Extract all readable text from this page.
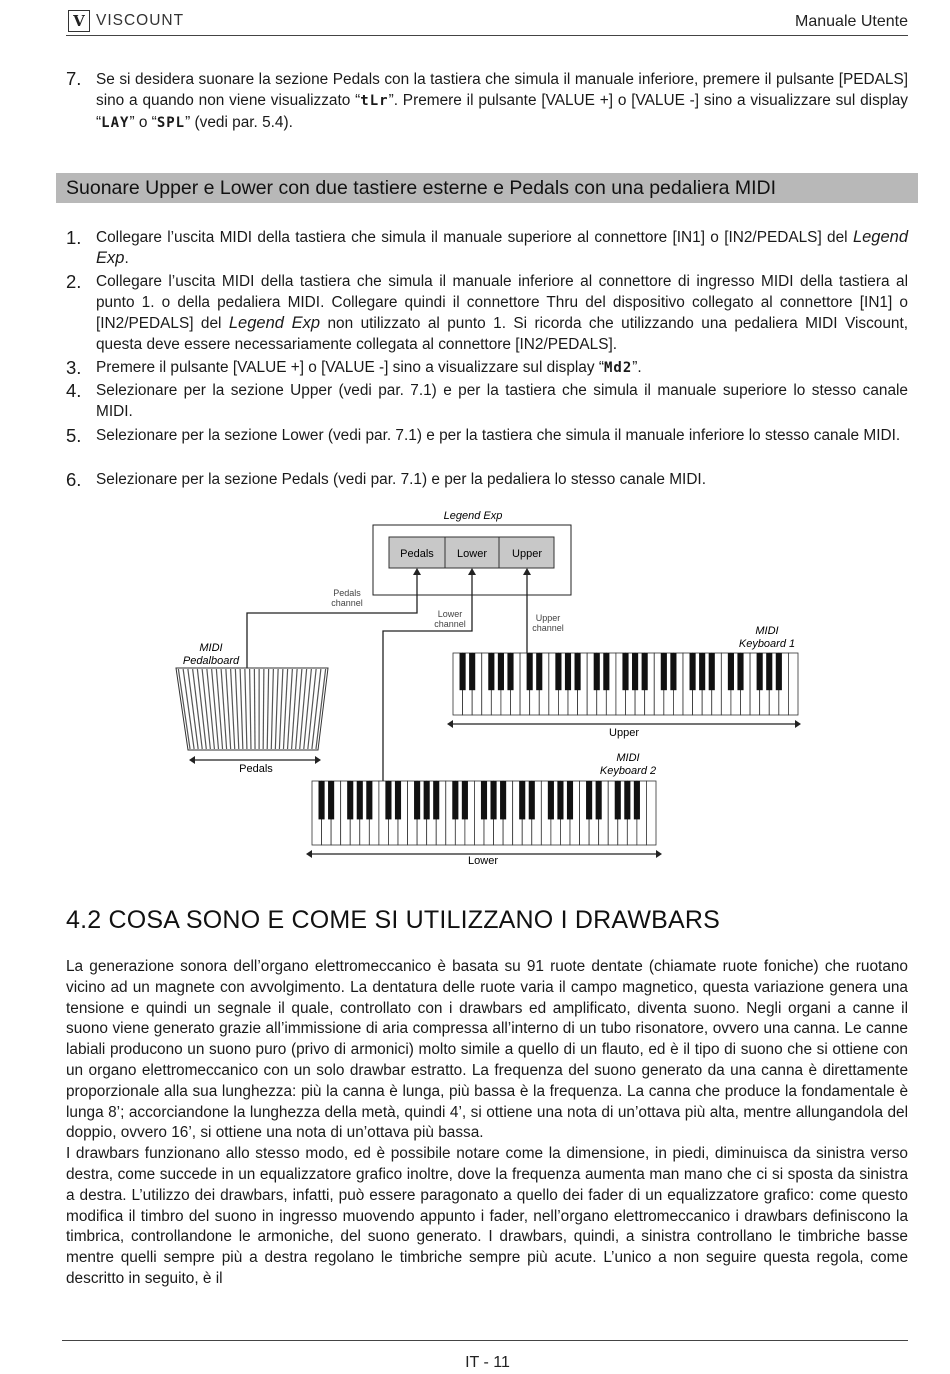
V VISCOUNT	Manuale Utente
7. Se si desidera suonare la sezione Pedals con la tastiera che simula il manuale inferiore, premere il pulsante [PEDALS] sino a quando non viene visualizzato “tLr”. Premere il pulsante [VALUE +] o [VALUE -] sino a visualizzare sul display “LAY” o “SPL” (vedi par. 5.4).
Suonare Upper e Lower con due tastiere esterne e Pedals con una pedaliera MIDI
1. Collegare l’uscita MIDI della tastiera che simula il manuale superiore al connettore [IN1] o [IN2/PEDALS] del Legend Exp.
2. Collegare l’uscita MIDI della tastiera che simula il manuale inferiore al connettore di ingresso MIDI della tastiera al punto 1. o della pedaliera MIDI. Collegare quindi il connettore Thru del dispositivo collegato al connettore [IN1] o [IN2/PEDALS] del Legend Exp non utilizzato al punto 1. Si ricorda che utilizzando una pedaliera MIDI Viscount, questa deve essere necessariamente collegata al connettore [IN2/PEDALS].
3. Premere il pulsante [VALUE +] o [VALUE -] sino a visualizzare sul display “Md2”.
4. Selezionare per la sezione Upper (vedi par. 7.1) e per la tastiera che simula il manuale superiore lo stesso canale MIDI.
5. Selezionare per la sezione Lower (vedi par. 7.1) e per la tastiera che simula il manuale inferiore lo stesso canale MIDI.
6. Selezionare per la sezione Pedals (vedi par. 7.1) e per la pedaliera lo stesso canale MIDI.
Legend Exp
Pedals Lower Upper
Pedals channel
Lower channel
Upper channel
MIDI Pedalboard
MIDI Keyboard 1
MIDI Keyboard 2
Pedals
Upper
Lower
4.2 COSA SONO E COME SI UTILIZZANO I DRAWBARS
La generazione sonora dell’organo elettromeccanico è basata su 91 ruote dentate (chiamate ruote foniche) che ruotano vicino ad un magnete con avvolgimento. La dentatura delle ruote varia il campo magnetico, questa variazione genera una tensione e quindi un segnale il quale, controllato con i drawbars ed amplificato, diventa suono. Negli organi a canne il suono viene generato grazie all’immissione di aria compressa all’interno di un tubo risonatore, ovvero una canna. Le canne labiali producono un suono puro (privo di armonici) molto simile a quello di un flauto, ed è il tipo di suono che si ottiene con un organo elettromeccanico con un solo drawbar estratto. La frequenza del suono generato da una canna è direttamente proporzionale alla sua lunghezza: più la canna è lunga, più bassa è la frequenza. La canna che produce la fondamentale è lunga 8’; accorciandone la lunghezza della metà, quindi 4’, si ottiene una nota di un’ottava più alta, mentre allungandola del doppio, ovvero 16’, si ottiene una nota di un’ottava più bassa.
I drawbars funzionano allo stesso modo, ed è possibile notare come la dimensione, in piedi, diminuisca da sinistra verso destra, come succede in un equalizzatore grafico inoltre, dove la frequenza aumenta man mano che ci si sposta da sinistra a destra. L’utilizzo dei drawbars, infatti, può essere paragonato a quello dei fader di un equalizzatore grafico: come questo modifica il timbro del suono in ingresso muovendo appunto i fader, nell’organo elettromeccanico i drawbars definiscono la timbrica, controllandone le armoniche, del suono generato. I drawbars, quindi, a sinistra controllano le timbriche basse mentre quelli sempre più a destra regolano le timbriche sempre più acute. L’unico a non seguire questa regola, come descritto in seguito, è il
IT - 11
